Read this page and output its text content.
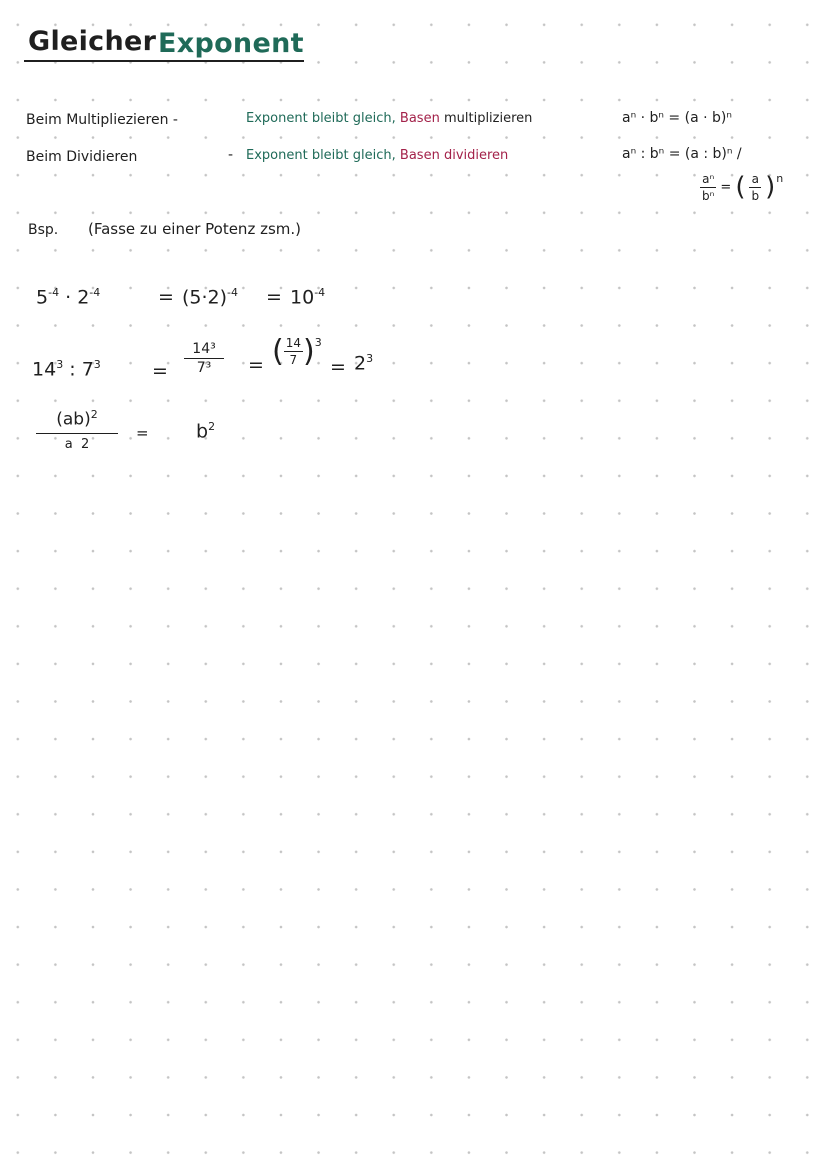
Gleicher Exponent
Beim Multipliezieren -	Exponent bleibt gleich, Basen multiplizieren	aⁿ · bⁿ = (a · b)ⁿ
Beim Dividieren	- Exponent bleibt gleich, Basen dividieren	aⁿ : bⁿ = (a : b)ⁿ /
$\frac{\text{aⁿ}}{\text{bⁿ}}$ = ( $\frac{a}{b} )^n$
Bsp. (Fasse zu einer Potenz zsm.)
$5^{-4} \cdot 2^{-4}$	= $(5\cdot 2)^{-4} = 10^{-4}$
$14^3$ : $7^3$	= $\frac{\text{14³}}{\text{7³}}$ = ( $\frac{14}{7} )^3$
= $2^3$
(ab)$^2$
a 2
= $b^2$
